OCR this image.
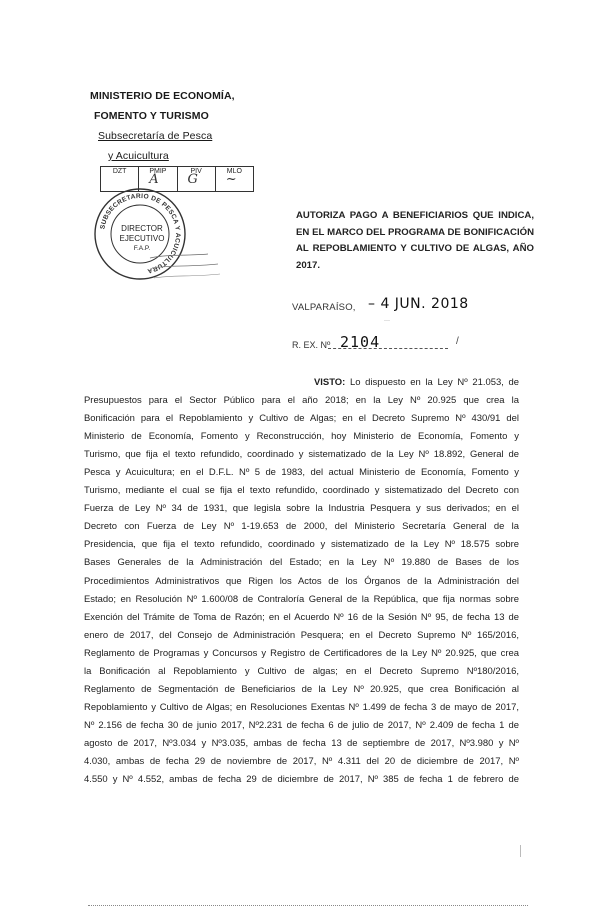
MINISTERIO DE ECONOMÍA,
FOMENTO Y TURISMO
Subsecretaría de Pesca
y Acuicultura
DZT	PMIP
A
PIV
G
MLO
~
SUBSECRETARIO DE PESCA Y ACUICULTURA
DIRECTOR
EJECUTIVO
F.A.P.
AUTORIZA PAGO A BENEFICIARIOS QUE INDICA, EN EL MARCO DEL PROGRAMA DE BONIFICACIÓN AL REPOBLAMIENTO Y CULTIVO DE ALGAS, AÑO 2017.
VALPARAÍSO, – 4 JUN. 2018
···
R. EX. Nº 2104	/
VISTO: Lo dispuesto en la Ley Nº 21.053, de
Presupuestos para el Sector Público para el año 2018; en la Ley Nº 20.925 que crea la
Bonificación para el Repoblamiento y Cultivo de Algas; en el Decreto Supremo Nº 430/91 del
Ministerio de Economía, Fomento y Reconstrucción, hoy Ministerio de Economía, Fomento y
Turismo, que fija el texto refundido, coordinado y sistematizado de la Ley Nº 18.892, General de
Pesca y Acuicultura; en el D.F.L. Nº 5 de 1983, del actual Ministerio de Economía, Fomento y
Turismo, mediante el cual se fija el texto refundido, coordinado y sistematizado del Decreto con
Fuerza de Ley Nº 34 de 1931, que legisla sobre la Industria Pesquera y sus derivados; en el
Decreto con Fuerza de Ley Nº 1-19.653 de 2000, del Ministerio Secretaría General de la
Presidencia, que fija el texto refundido, coordinado y sistematizado de la Ley Nº 18.575 sobre
Bases Generales de la Administración del Estado; en la Ley Nº 19.880 de Bases de los
Procedimientos Administrativos que Rigen los Actos de los Órganos de la Administración del
Estado; en Resolución Nº 1.600/08 de Contraloría General de la República, que fija normas sobre
Exención del Trámite de Toma de Razón; en el Acuerdo Nº 16 de la Sesión Nº 95, de fecha 13 de
enero de 2017, del Consejo de Administración Pesquera; en el Decreto Supremo Nº 165/2016,
Reglamento de Programas y Concursos y Registro de Certificadores de la Ley Nº 20.925, que crea
la Bonificación al Repoblamiento y Cultivo de algas; en el Decreto Supremo Nº180/2016,
Reglamento de Segmentación de Beneficiarios de la Ley Nº 20.925, que crea Bonificación al
Repoblamiento y Cultivo de Algas; en Resoluciones Exentas Nº 1.499 de fecha 3 de mayo de 2017,
Nº 2.156 de fecha 30 de junio 2017, Nº2.231 de fecha 6 de julio de 2017, Nº 2.409 de fecha 1 de
agosto de 2017, Nº3.034 y Nº3.035, ambas de fecha 13 de septiembre de 2017, Nº3.980 y Nº
4.030, ambas de fecha 29 de noviembre de 2017, Nº 4.311 del 20 de diciembre de 2017, Nº
4.550 y Nº 4.552, ambas de fecha 29 de diciembre de 2017, Nº 385 de fecha 1 de febrero de
